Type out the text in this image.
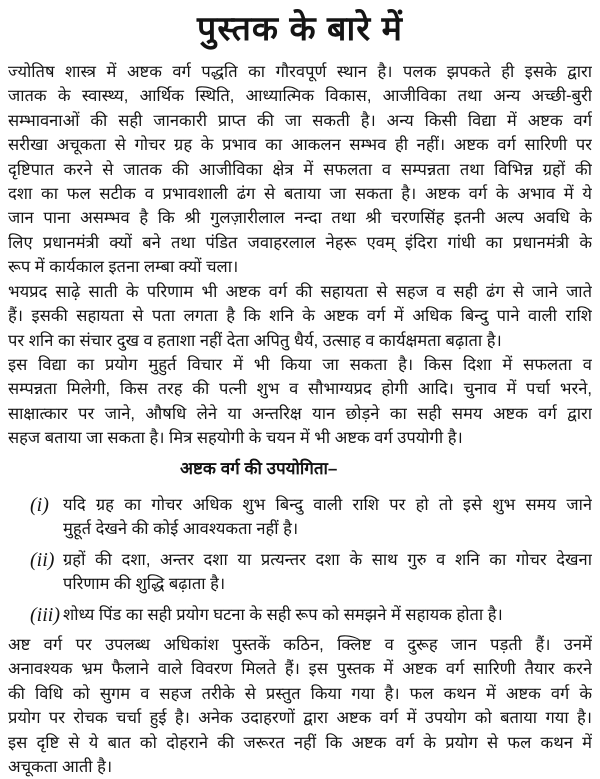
पुस्तक के बारे में
ज्योतिष शास्त्र में अष्टक वर्ग पद्धति का गौरवपूर्ण स्थान है। पलक झपकते ही इसके द्वारा
जातक के स्वास्थ्य, आर्थिक स्थिति, आध्यात्मिक विकास, आजीविका तथा अन्य अच्छी-बुरी
सम्भावनाओं की सही जानकारी प्राप्त की जा सकती है। अन्य किसी विद्या में अष्टक वर्ग
सरीखा अचूकता से गोचर ग्रह के प्रभाव का आकलन सम्भव ही नहीं। अष्टक वर्ग सारिणी पर
दृष्टिपात करने से जातक की आजीविका क्षेत्र में सफलता व सम्पन्नता तथा विभिन्न ग्रहों की
दशा का फल सटीक व प्रभावशाली ढंग से बताया जा सकता है। अष्टक वर्ग के अभाव में ये
जान पाना असम्भव है कि श्री गुलज़ारीलाल नन्दा तथा श्री चरणसिंह इतनी अल्प अवधि के
लिए प्रधानमंत्री क्यों बने तथा पंडित जवाहरलाल नेहरू एवम् इंदिरा गांधी का प्रधानमंत्री के
रूप में कार्यकाल इतना लम्बा क्यों चला।
भयप्रद साढ़े साती के परिणाम भी अष्टक वर्ग की सहायता से सहज व सही ढंग से जाने जाते
हैं। इसकी सहायता से पता लगता है कि शनि के अष्टक वर्ग में अधिक बिन्दु पाने वाली राशि
पर शनि का संचार दुख व हताशा नहीं देता अपितु धैर्य, उत्साह व कार्यक्षमता बढ़ाता है।
इस विद्या का प्रयोग मुहुर्त विचार में भी किया जा सकता है। किस दिशा में सफलता व
सम्पन्नता मिलेगी, किस तरह की पत्नी शुभ व सौभाग्यप्रद होगी आदि। चुनाव में पर्चा भरने,
साक्षात्कार पर जाने, औषधि लेने या अन्तरिक्ष यान छोड़ने का सही समय अष्टक वर्ग द्वारा
सहज बताया जा सकता है। मित्र सहयोगी के चयन में भी अष्टक वर्ग उपयोगी है।
अष्टक वर्ग की उपयोगिता–
(i) यदि ग्रह का गोचर अधिक शुभ बिन्दु वाली राशि पर हो तो इसे शुभ समय जाने
मुहूर्त देखने की कोई आवश्यकता नहीं है।
(ii) ग्रहों की दशा, अन्तर दशा या प्रत्यन्तर दशा के साथ गुरु व शनि का गोचर देखना
परिणाम की शुद्धि बढ़ाता है।
(iii) शोध्य पिंड का सही प्रयोग घटना के सही रूप को समझने में सहायक होता है।
अष्ट वर्ग पर उपलब्ध अधिकांश पुस्तकें कठिन, क्लिष्ट व दुरूह जान पड़ती हैं। उनमें
अनावश्यक भ्रम फैलाने वाले विवरण मिलते हैं। इस पुस्तक में अष्टक वर्ग सारिणी तैयार करने
की विधि को सुगम व सहज तरीके से प्रस्तुत किया गया है। फल कथन में अष्टक वर्ग के
प्रयोग पर रोचक चर्चा हुई है। अनेक उदाहरणों द्वारा अष्टक वर्ग में उपयोग को बताया गया है।
इस दृष्टि से ये बात को दोहराने की जरूरत नहीं कि अष्टक वर्ग के प्रयोग से फल कथन में
अचूकता आती है।
